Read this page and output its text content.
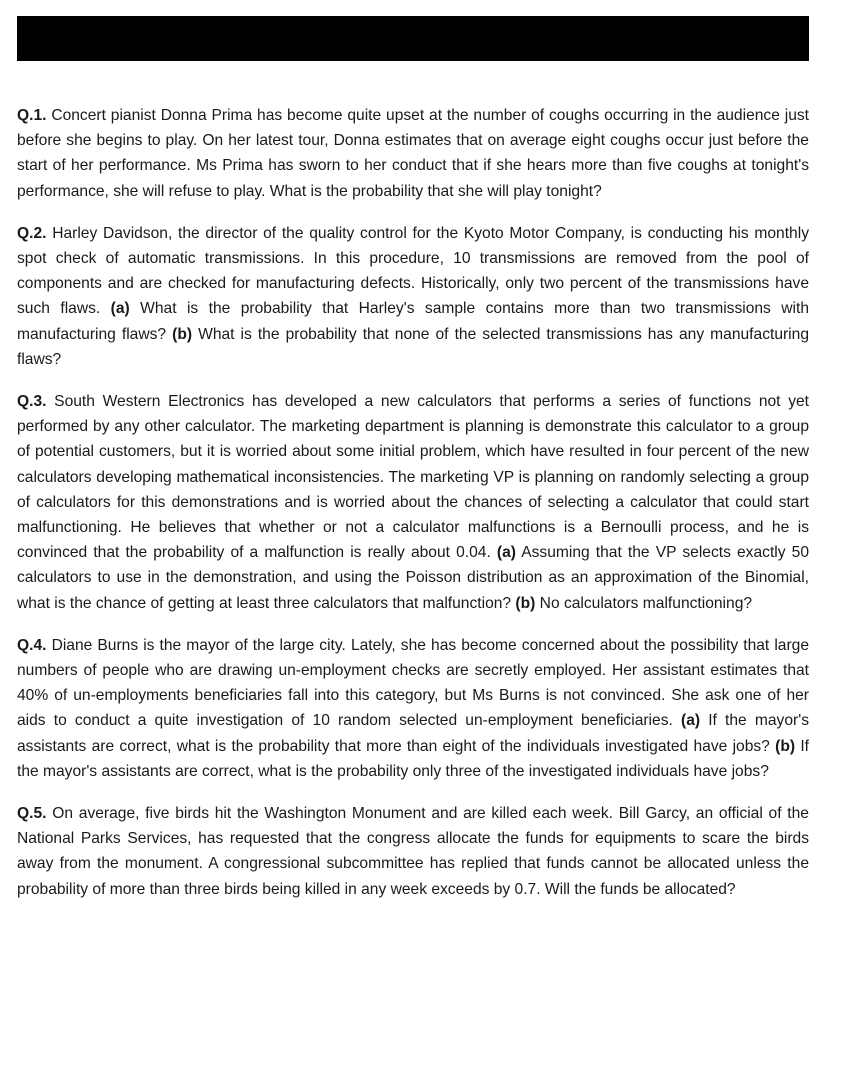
Q.1. Concert pianist Donna Prima has become quite upset at the number of coughs occurring in the audience just before she begins to play. On her latest tour, Donna estimates that on average eight coughs occur just before the start of her performance. Ms Prima has sworn to her conduct that if she hears more than five coughs at tonight's performance, she will refuse to play. What is the probability that she will play tonight?

Q.2. Harley Davidson, the director of the quality control for the Kyoto Motor Company, is conducting his monthly spot check of automatic transmissions. In this procedure, 10 transmissions are removed from the pool of components and are checked for manufacturing defects. Historically, only two percent of the transmissions have such flaws. (a) What is the probability that Harley's sample contains more than two transmissions with manufacturing flaws? (b) What is the probability that none of the selected transmissions has any manufacturing flaws?

Q.3. South Western Electronics has developed a new calculators that performs a series of functions not yet performed by any other calculator. The marketing department is planning is demonstrate this calculator to a group of potential customers, but it is worried about some initial problem, which have resulted in four percent of the new calculators developing mathematical inconsistencies. The marketing VP is planning on randomly selecting a group of calculators for this demonstrations and is worried about the chances of selecting a calculator that could start malfunctioning. He believes that whether or not a calculator malfunctions is a Bernoulli process, and he is convinced that the probability of a malfunction is really about 0.04. (a) Assuming that the VP selects exactly 50 calculators to use in the demonstration, and using the Poisson distribution as an approximation of the Binomial, what is the chance of getting at least three calculators that malfunction? (b) No calculators malfunctioning?

Q.4. Diane Burns is the mayor of the large city. Lately, she has become concerned about the possibility that large numbers of people who are drawing un-employment checks are secretly employed. Her assistant estimates that 40% of un-employments beneficiaries fall into this category, but Ms Burns is not convinced. She ask one of her aids to conduct a quite investigation of 10 random selected un-employment beneficiaries. (a) If the mayor's assistants are correct, what is the probability that more than eight of the individuals investigated have jobs? (b) If the mayor's assistants are correct, what is the probability only three of the investigated individuals have jobs?

Q.5. On average, five birds hit the Washington Monument and are killed each week. Bill Garcy, an official of the National Parks Services, has requested that the congress allocate the funds for equipments to scare the birds away from the monument. A congressional subcommittee has replied that funds cannot be allocated unless the probability of more than three birds being killed in any week exceeds by 0.7. Will the funds be allocated?
